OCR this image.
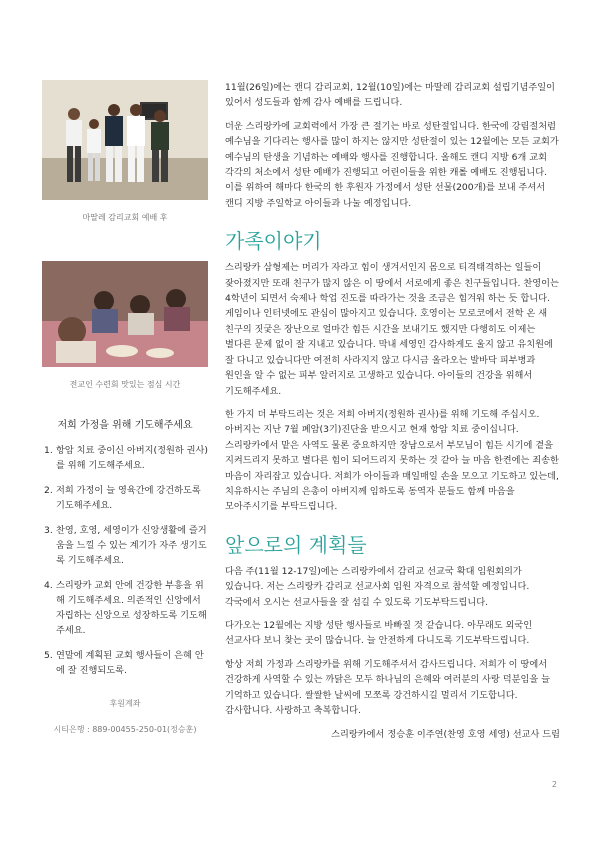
마딸레 감리교회 예배 후
전교인 수련회 맛있는 점심 시간
저희 가정을 위해 기도해주세요
1. 항암 치료 중이신 아버지(정원하 권사)를 위해 기도해주세요.
2. 저희 가정이 늘 영육간에 강건하도록 기도해주세요.
3. 찬영, 호영, 세영이가 신앙생활에 즐거움을 느낄 수 있는 계기가 자주 생기도록 기도해주세요.
4. 스리랑카 교회 안에 건강한 부흥을 위해 기도해주세요. 의존적인 신앙에서 자립하는 신앙으로 성장하도록 기도해주세요.
5. 연말에 계획된 교회 행사들이 은혜 안에 잘 진행되도록.
후원계좌
시티은행 : 889-00455-250-01(정승훈)

11월(26일)에는 캔디 감리교회, 12월(10일)에는 마딸레 감리교회 설립기념주일이 있어서 성도들과 함께 감사 예배를 드립니다.

더운 스리랑카에 교회력에서 가장 큰 절기는 바로 성탄절입니다. 한국에 강림절처럼 예수님을 기다리는 행사를 많이 하지는 않지만 성탄절이 있는 12월에는 모든 교회가 예수님의 탄생을 기념하는 예배와 행사를 진행합니다. 올해도 캔디 지방 6개 교회 각각의 처소에서 성탄 예배가 진행되고 어린이들을 위한 캐롤 예배도 진행됩니다. 이를 위하여 해마다 한국의 한 후원자 가정에서 성탄 선물(200개)를 보내 주셔서 캔디 지방 주일학교 아이들과 나눌 예정입니다.

가족이야기

스리랑카 삼형제는 머리가 자라고 힘이 생겨서인지 몸으로 티격태격하는 일들이 잦아졌지만 또래 친구가 많지 않은 이 땅에서 서로에게 좋은 친구들입니다. 찬영이는 4학년이 되면서 숙제나 학업 진도를 따라가는 것을 조금은 힘겨워 하는 듯 합니다. 게임이나 인터넷에도 관심이 많아지고 있습니다. 호영이는 모로코에서 전학 온 새 친구의 짓궂은 장난으로 얼마간 힘든 시간을 보내기도 했지만 다행히도 이제는 별다른 문제 없이 잘 지내고 있습니다. 막내 세영인 감사하게도 울지 않고 유치원에 잘 다니고 있습니다만 여전히 사라지지 않고 다시금 올라오는 발바닥 피부병과 원인을 알 수 없는 피부 알러지로 고생하고 있습니다. 아이들의 건강을 위해서 기도해주세요.

한 가지 더 부탁드리는 것은 저희 아버지(정원하 권사)를 위해 기도해 주십시오. 아버지는 지난 7월 폐암(3기)진단을 받으시고 현재 항암 치료 중이십니다. 스리랑카에서 맡은 사역도 물론 중요하지만 장남으로서 부모님이 힘든 시기에 곁을 지켜드리지 못하고 별다른 힘이 되어드리지 못하는 것 같아 늘 마음 한켠에는 죄송한 마음이 자리잡고 있습니다. 저희가 아이들과 매일매일 손을 모으고 기도하고 있는데, 치유하시는 주님의 은총이 아버지께 임하도록 동역자 분들도 함께 마음을 모아주시기를 부탁드립니다.

앞으로의 계획들

다음 주(11월 12-17일)에는 스리랑카에서 감리교 선교국 확대 임원회의가 있습니다. 저는 스리랑카 감리교 선교사회 임원 자격으로 참석할 예정입니다. 각국에서 오시는 선교사들을 잘 섬길 수 있도록 기도부탁드립니다.

다가오는 12월에는 지방 성탄 행사들로 바빠질 것 같습니다. 아무래도 외국인 선교사다 보니 찾는 곳이 많습니다. 늘 안전하게 다니도록 기도부탁드립니다.

항상 저희 가정과 스리랑카를 위해 기도해주셔서 감사드립니다. 저희가 이 땅에서 건강하게 사역할 수 있는 까닭은 모두 하나님의 은혜와 여러분의 사랑 덕분임을 늘 기억하고 있습니다. 쌀쌀한 날씨에 모쪼록 강건하시길 멀리서 기도합니다. 감사합니다. 사랑하고 축복합니다.

스리랑카에서 정승훈 이주연(찬영 호영 세영) 선교사 드림
2
